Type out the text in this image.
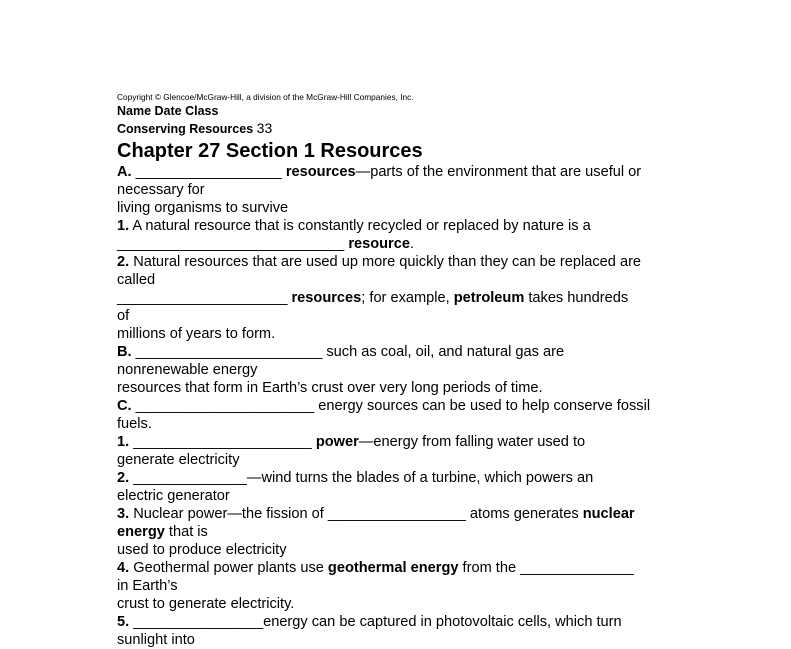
Copyright © Glencoe/McGraw-Hill, a division of the McGraw-Hill Companies, Inc.
Name Date Class
Conserving Resources 33
Chapter 27 Section 1 Resources
A. __________________ resources—parts of the environment that are useful or
necessary for
living organisms to survive
1. A natural resource that is constantly recycled or replaced by nature is a
____________________________ resource.
2. Natural resources that are used up more quickly than they can be replaced are
called
_____________________ resources; for example, petroleum takes hundreds
of
millions of years to form.
B. _______________________ such as coal, oil, and natural gas are
nonrenewable energy
resources that form in Earth’s crust over very long periods of time.
C. ______________________ energy sources can be used to help conserve fossil
fuels.
1. ______________________ power—energy from falling water used to
generate electricity
2. ______________—wind turns the blades of a turbine, which powers an
electric generator
3. Nuclear power—the fission of _________________ atoms generates nuclear
energy that is
used to produce electricity
4. Geothermal power plants use geothermal energy from the ______________
in Earth’s
crust to generate electricity.
5. ________________energy can be captured in photovoltaic cells, which turn
sunlight into
